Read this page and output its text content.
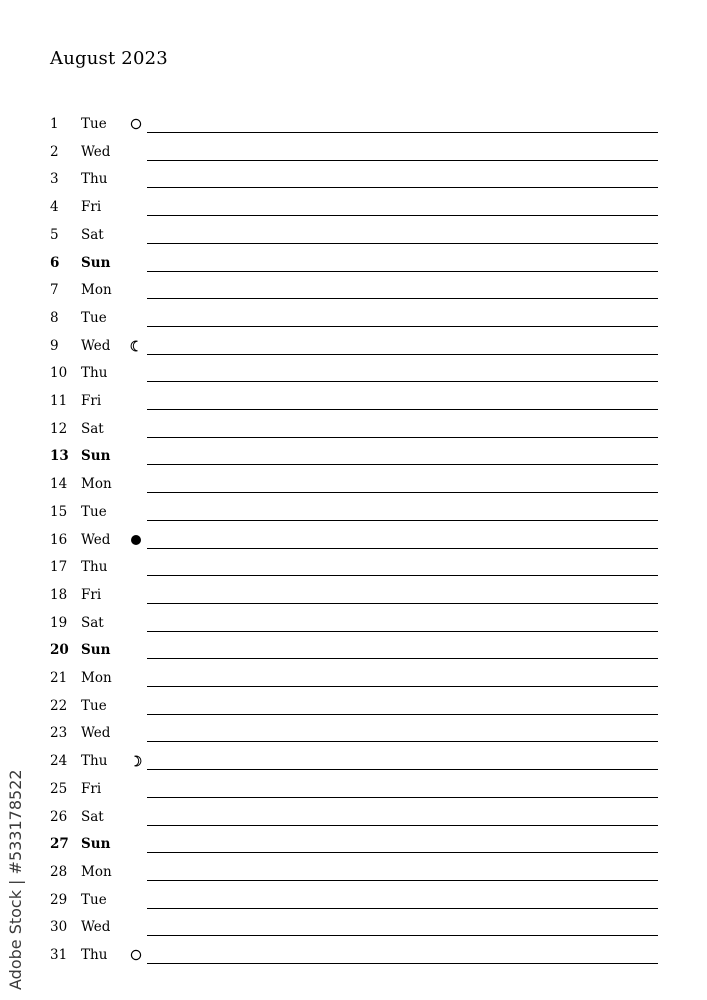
August 2023
1 Tue
2 Wed
3 Thu
4 Fri
5 Sat
6 Sun
7 Mon
8 Tue
9 Wed
10 Thu
11 Fri
12 Sat
13 Sun
14 Mon
15 Tue
16 Wed
17 Thu
18 Fri
19 Sat
20 Sun
21 Mon
22 Tue
23 Wed
24 Thu
25 Fri
26 Sat
27 Sun
28 Mon
29 Tue
30 Wed
31 Thu
Adobe Stock | #533178522
